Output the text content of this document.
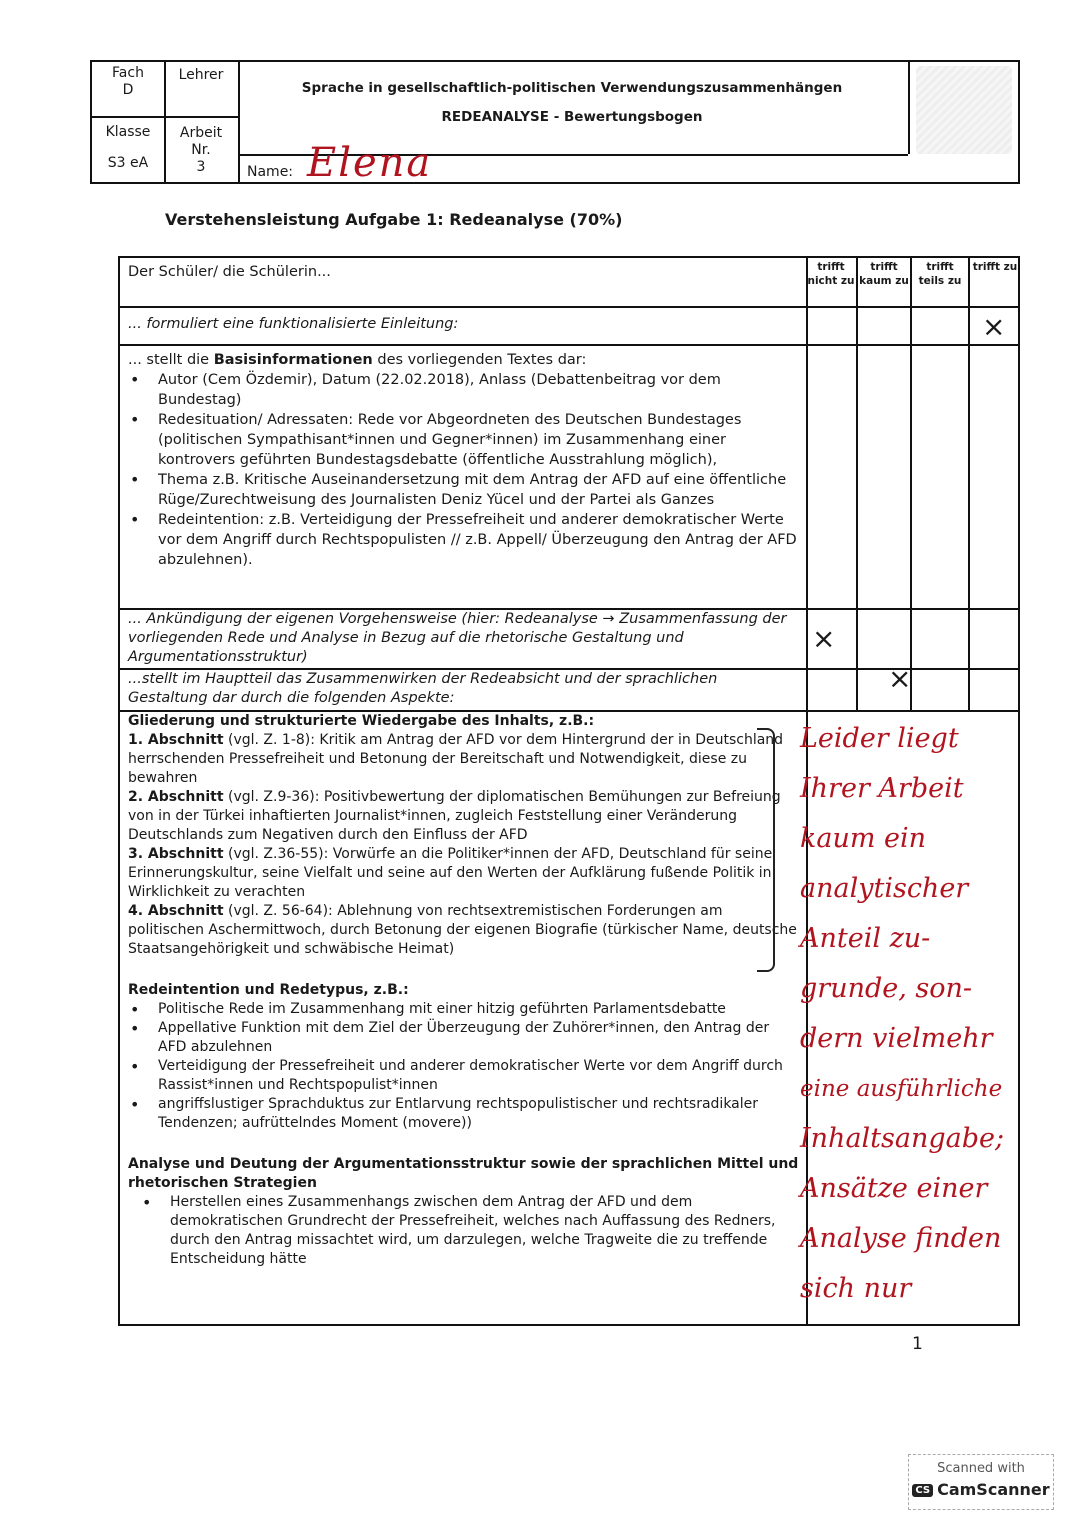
Fach
D
Lehrer
Klasse
S3 eA
Arbeit
Nr.
3
Sprache in gesellschaftlich-politischen Verwendungszusammenhängen
REDEANALYSE - Bewertungsbogen
Name: Elena
Verstehensleistung Aufgabe 1: Redeanalyse (70%)
Der Schüler/ die Schülerin...	trifft nicht zu
trifft kaum zu
trifft teils zu
trifft zu
... formuliert eine funktionalisierte Einleitung:	×
... stellt die Basisinformationen des vorliegenden Textes dar:
• Autor (Cem Özdemir), Datum (22.02.2018), Anlass (Debattenbeitrag vor dem Bundestag)
• Redesituation/ Adressaten: Rede vor Abgeordneten des Deutschen Bundestages (politischen Sympathisant*innen und Gegner*innen) im Zusammenhang einer kontrovers geführten Bundestagsdebatte (öffentliche Ausstrahlung möglich),
• Thema z.B. Kritische Auseinandersetzung mit dem Antrag der AFD auf eine öffentliche Rüge/Zurechtweisung des Journalisten Deniz Yücel und der Partei als Ganzes
• Redeintention: z.B. Verteidigung der Pressefreiheit und anderer demokratischer Werte vor dem Angriff durch Rechtspopulisten // z.B. Appell/ Überzeugung den Antrag der AFD abzulehnen).
... Ankündigung der eigenen Vorgehensweise (hier: Redeanalyse → Zusammenfassung der vorliegenden Rede und Analyse in Bezug auf die rhetorische Gestaltung und Argumentationsstruktur)
×
...stellt im Hauptteil das Zusammenwirken der Redeabsicht und der sprachlichen Gestaltung dar durch die folgenden Aspekte:
×
Gliederung und strukturierte Wiedergabe des Inhalts, z.B.:
1. Abschnitt (vgl. Z. 1-8): Kritik am Antrag der AFD vor dem Hintergrund der in Deutschland herrschenden Pressefreiheit und Betonung der Bereitschaft und Notwendigkeit, diese zu bewahren
2. Abschnitt (vgl. Z.9-36): Positivbewertung der diplomatischen Bemühungen zur Befreiung von in der Türkei inhaftierten Journalist*innen, zugleich Feststellung einer Veränderung Deutschlands zum Negativen durch den Einfluss der AFD
3. Abschnitt (vgl. Z.36-55): Vorwürfe an die Politiker*innen der AFD, Deutschland für seine Erinnerungskultur, seine Vielfalt und seine auf den Werten der Aufklärung fußende Politik in Wirklichkeit zu verachten
4. Abschnitt (vgl. Z. 56-64): Ablehnung von rechtsextremistischen Forderungen am politischen Aschermittwoch, durch Betonung der eigenen Biografie (türkischer Name, deutsche Staatsangehörigkeit und schwäbische Heimat)
Redeintention und Redetypus, z.B.:
• Politische Rede im Zusammenhang mit einer hitzig geführten Parlamentsdebatte
• Appellative Funktion mit dem Ziel der Überzeugung der Zuhörer*innen, den Antrag der AFD abzulehnen
• Verteidigung der Pressefreiheit und anderer demokratischer Werte vor dem Angriff durch Rassist*innen und Rechtspopulist*innen
• angriffslustiger Sprachduktus zur Entlarvung rechtspopulistischer und rechtsradikaler Tendenzen; aufrüttelndes Moment (movere))
Analyse und Deutung der Argumentationsstruktur sowie der sprachlichen Mittel und rhetorischen Strategien
• Herstellen eines Zusammenhangs zwischen dem Antrag der AFD und dem demokratischen Grundrecht der Pressefreiheit, welches nach Auffassung des Redners, durch den Antrag missachtet wird, um darzulegen, welche Tragweite die zu treffende Entscheidung hätte
Leider liegt
Ihrer Arbeit
kaum ein
analytischer
Anteil zu-
grunde, son-
dern vielmehr
eine ausführliche
Inhaltsangabe;
Ansätze einer
Analyse finden
sich nur
1
Scanned with
CS CamScanner
